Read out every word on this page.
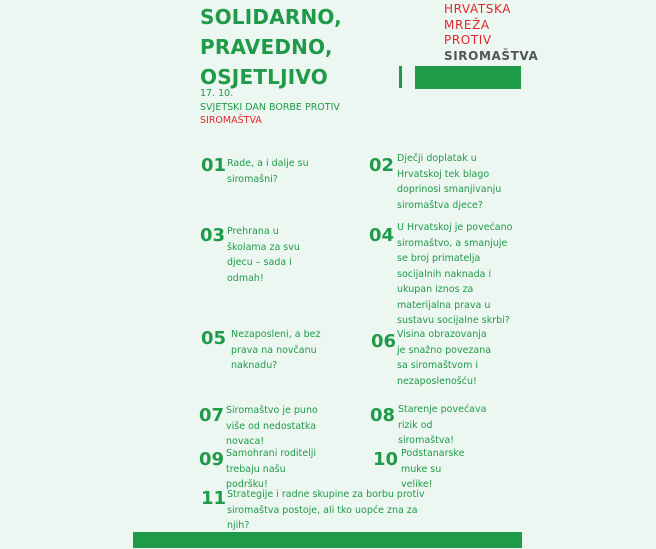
SOLIDARNO,
PRAVEDNO,
OSJETLJIVO
17. 10.
SVJETSKI DAN BORBE PROTIV
SIROMAŠTVA
HRVATSKA
MREŽA
PROTIV
SIROMAŠTVA
01 Rade, a i dalje su siromašni?
02 Dječji doplatak u Hrvatskoj tek blago doprinosi smanjivanju siromaštva djece?
03 Prehrana u školama za svu djecu – sada i odmah!
04 U Hrvatskoj je povećano siromaštvo, a smanjuje se broj primatelja socijalnih naknada i ukupan iznos za materijalna prava u sustavu socijalne skrbi?
05 Nezaposleni, a bez prava na novčanu naknadu?
06 Visina obrazovanja je snažno povezana sa siromaštvom i nezaposlenošću!
07 Siromaštvo je puno više od nedostatka novaca!
08 Starenje povećava rizik od siromaštva!
09 Samohrani roditelji trebaju našu podršku!
10 Podstanarske muke su velike!
11 Strategije i radne skupine za borbu protiv siromaštva postoje, ali tko uopće zna za njih?
